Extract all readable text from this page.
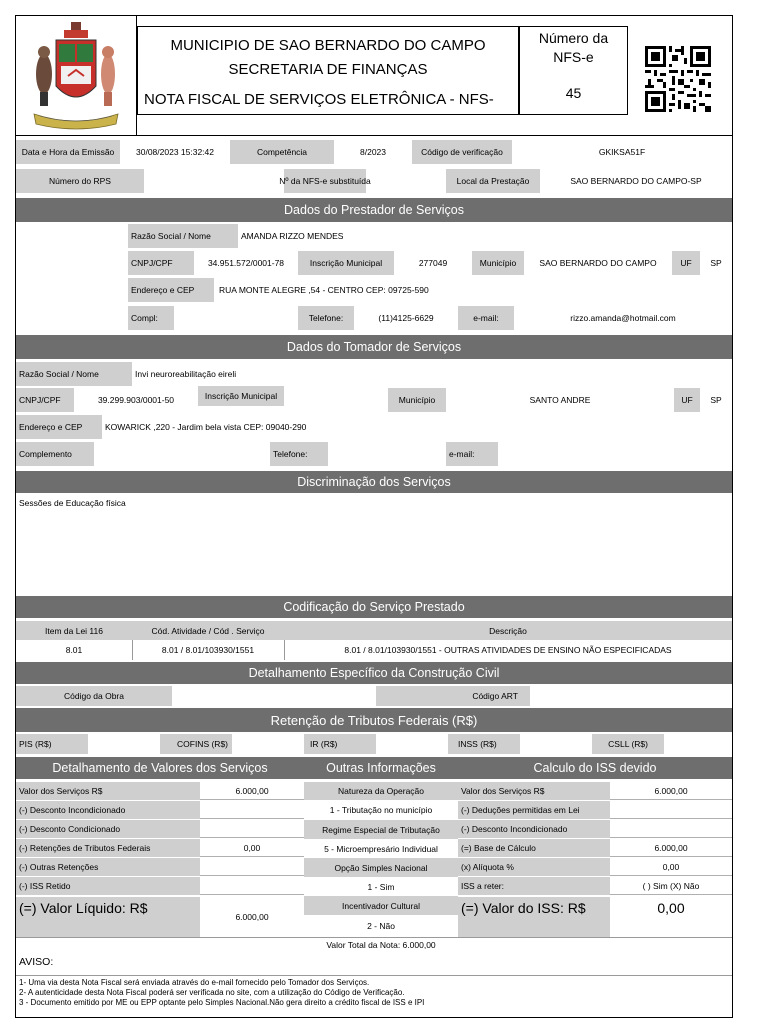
MUNICIPIO DE SAO BERNARDO DO CAMPO
SECRETARIA DE FINANÇAS
NOTA FISCAL DE SERVIÇOS ELETRÔNICA - NFS-
Número da
NFS-e
45
Data e Hora da Emissão	30/08/2023 15:32:42	Competência	8/2023	Código de verificação	GKIKSA51F
Número do RPS	Nº da NFS-e substituída	Local da Prestação	SAO BERNARDO DO CAMPO-SP
Dados do Prestador de Serviços
Razão Social / Nome	AMANDA RIZZO MENDES
CNPJ/CPF	34.951.572/0001-78	Inscrição Municipal	277049	Município	SAO BERNARDO DO CAMPO	UF	SP
Endereço e CEP	RUA MONTE ALEGRE ,54 - CENTRO CEP: 09725-590
Compl:	Telefone:	(11)4125-6629	e-mail:	rizzo.amanda@hotmail.com
Dados do Tomador de Serviços
Razão Social / Nome	Invi neuroreabilitação eireli
CNPJ/CPF	39.299.903/0001-50	Inscrição Municipal	Município	SANTO ANDRE	UF	SP
Endereço e CEP	KOWARICK ,220 - Jardim bela vista CEP: 09040-290
Complemento	Telefone:	e-mail:
Discriminação dos Serviços
Sessões de Educação física
Codificação do Serviço Prestado
Item da Lei 116	Cód. Atividade / Cód . Serviço	Descrição
8.01	8.01 / 8.01/103930/1551	8.01 / 8.01/103930/1551 - OUTRAS ATIVIDADES DE ENSINO NÃO ESPECIFICADAS
Detalhamento Específico da Construção Civil
Código da Obra	Código ART
Retenção de Tributos Federais (R$)
PIS (R$)	COFINS (R$)	IR (R$)	INSS (R$)	CSLL (R$)
Detalhamento de Valores dos Serviços	Outras Informações	Calculo do ISS devido
Valor dos Serviços R$	6.000,00
(-) Desconto Incondicionado
(-) Desconto Condicionado
(-) Retenções de Tributos Federais	0,00
(-) Outras Retenções
(-) ISS Retido
(=) Valor Líquido: R$
6.000,00
Natureza da Operação
1 - Tributação no município
Regime Especial de Tributação
5 - Microempresário Individual
Opção Simples Nacional
1 - Sim
Incentivador Cultural
2 - Não
Valor dos Serviços R$	6.000,00
(-) Deduções permitidas em Lei
(-) Desconto Incondicionado
(=) Base de Cálculo	6.000,00
(x) Alíquota %	0,00
ISS a reter:	( ) Sim (X) Não
(=) Valor do ISS: R$	0,00
Valor Total da Nota: 6.000,00
AVISO:
1- Uma via desta Nota Fiscal será enviada através do e-mail fornecido pelo Tomador dos Serviços.
2- A autenticidade desta Nota Fiscal poderá ser verificada no site, com a utilização do Código de Verificação.
3 - Documento emitido por ME ou EPP optante pelo Simples Nacional.Não gera direito a crédito fiscal de ISS e IPI
